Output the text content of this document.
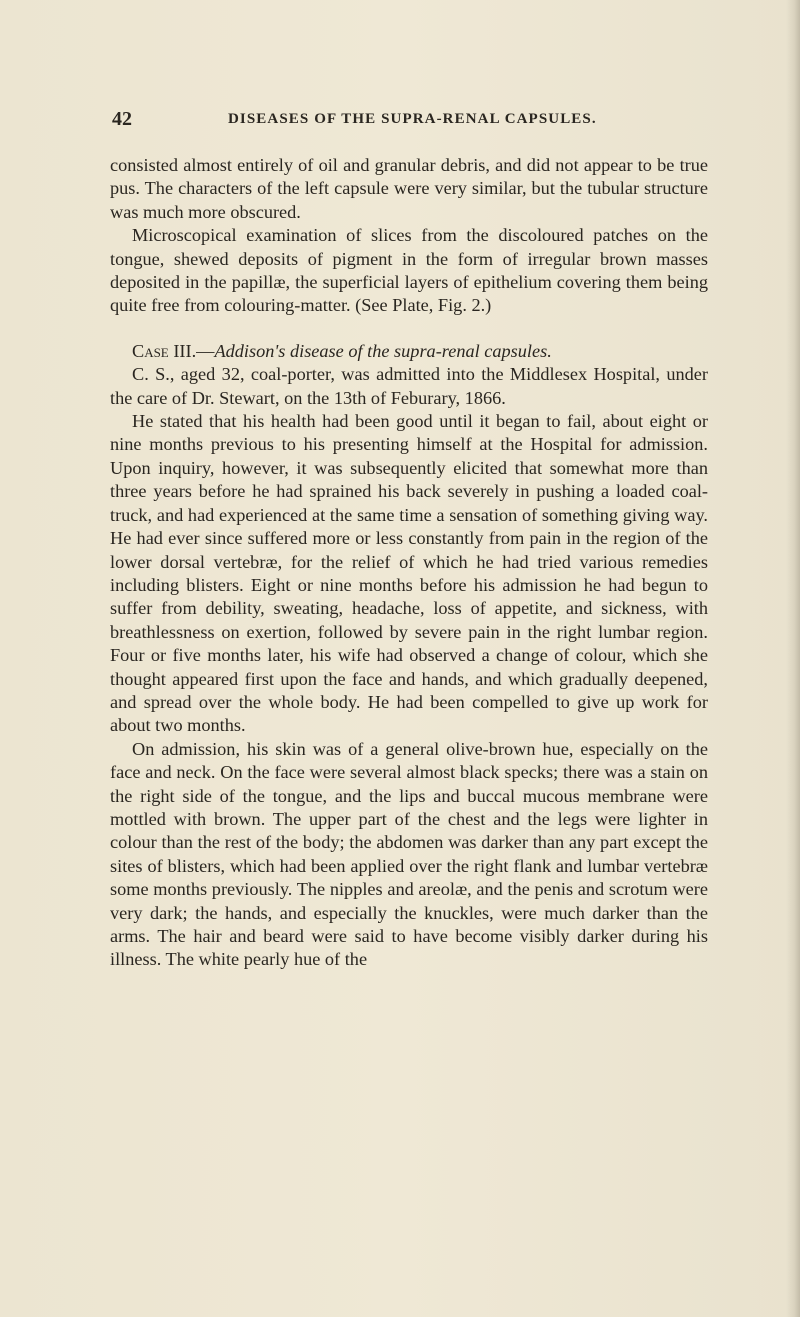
42	DISEASES OF THE SUPRA-RENAL CAPSULES.

consisted almost entirely of oil and granular debris, and did not appear to be true pus. The characters of the left capsule were very similar, but the tubular structure was much more obscured.

Microscopical examination of slices from the discoloured patches on the tongue, shewed deposits of pigment in the form of irregular brown masses deposited in the papillæ, the superficial layers of epithelium covering them being quite free from colouring-matter. (See Plate, Fig. 2.)

Case III.—Addison's disease of the supra-renal capsules.

C. S., aged 32, coal-porter, was admitted into the Middlesex Hospital, under the care of Dr. Stewart, on the 13th of Feburary, 1866.

He stated that his health had been good until it began to fail, about eight or nine months previous to his presenting himself at the Hospital for admission. Upon inquiry, however, it was subsequently elicited that somewhat more than three years before he had sprained his back severely in pushing a loaded coal-truck, and had experienced at the same time a sensation of something giving way. He had ever since suffered more or less constantly from pain in the region of the lower dorsal vertebræ, for the relief of which he had tried various remedies including blisters. Eight or nine months before his admission he had begun to suffer from debility, sweating, headache, loss of appetite, and sickness, with breathlessness on exertion, followed by severe pain in the right lumbar region. Four or five months later, his wife had observed a change of colour, which she thought appeared first upon the face and hands, and which gradually deepened, and spread over the whole body. He had been compelled to give up work for about two months.

On admission, his skin was of a general olive-brown hue, especially on the face and neck. On the face were several almost black specks; there was a stain on the right side of the tongue, and the lips and buccal mucous membrane were mottled with brown. The upper part of the chest and the legs were lighter in colour than the rest of the body; the abdomen was darker than any part except the sites of blisters, which had been applied over the right flank and lumbar vertebræ some months previously. The nipples and areolæ, and the penis and scrotum were very dark; the hands, and especially the knuckles, were much darker than the arms. The hair and beard were said to have become visibly darker during his illness. The white pearly hue of the
